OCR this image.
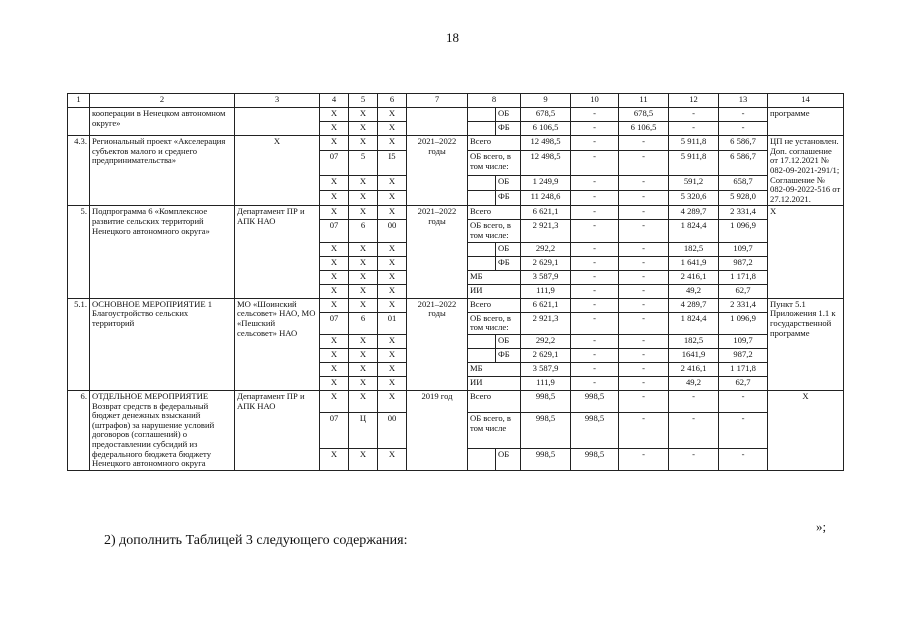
18
1	2	3	4	5	6	7	8		9	10	11	12	13	14
	кооперации в Ненецком автономном округе»		X	X	X			ОБ	678,5	-	678,5	-	-	программе
			X	X	X			ФБ	6 106,5	-	6 106,5	-	-	
4.3.	Региональный проект «Акселерация субъектов малого и среднего предпринимательства»	X	X	X	X	2021–2022 годы	Всего		12 498,5	-	-	5 911,8	6 586,7	ЦП не установлен. Доп. соглашение от 17.12.2021 № 082-09-2021-291/1; Соглашение № 082-09-2022-516 от 27.12.2021.
			07	5	I5		ОБ всего, в том числе:		12 498,5	-	-	5 911,8	6 586,7	
			X	X	X			ОБ	1 249,9	-	-	591,2	658,7	
			X	X	X			ФБ	11 248,6	-	-	5 320,6	5 928,0	
5.	Подпрограмма 6 «Комплексное развитие сельских территорий Ненецкого автономного округа»	Департамент ПР и АПК НАО	X	X	X	2021–2022 годы	Всего		6 621,1	-	-	4 289,7	2 331,4	X
			07	6	00		ОБ всего, в том числе:		2 921,3	-	-	1 824,4	1 096,9	
			X	X	X			ОБ	292,2	-	-	182,5	109,7	
			X	X	X			ФБ	2 629,1	-	-	1 641,9	987,2	
			X	X	X		МБ		3 587,9	-	-	2 416,1	1 171,8	
			X	X	X		ИИ		111,9	-	-	49,2	62,7	
5.1.	ОСНОВНОЕ МЕРОПРИЯТИЕ 1 Благоустройство сельских территорий	МО «Шоинский сельсовет» НАО, МО «Пешский сельсовет» НАО	X	X	X	2021–2022 годы	Всего		6 621,1	-	-	4 289,7	2 331,4	Пункт 5.1 Приложения 1.1 к государственной программе
			07	6	01		ОБ всего, в том числе:		2 921,3	-	-	1 824,4	1 096,9	
			X	X	X			ОБ	292,2	-	-	182,5	109,7	
			X	X	X			ФБ	2 629,1	-	-	1641,9	987,2	
			X	X	X		МБ		3 587,9	-	-	2 416,1	1 171,8	
			X	X	X		ИИ		111,9	-	-	49,2	62,7	
6.	ОТДЕЛЬНОЕ МЕРОПРИЯТИЕ Возврат средств в федеральный бюджет денежных взысканий (штрафов) за нарушение условий договоров (соглашений) о предоставлении субсидий из федерального бюджета бюджету Ненецкого автономного округа	Департамент ПР и АПК НАО	X	X	X	2019 год	Всего		998,5	998,5	-	-	-	X
			07	Ц	00		ОБ всего, в том числе		998,5	998,5	-	-	-	
			X	X	X			ОБ	998,5	998,5	-	-	-	
»;
2) дополнить Таблицей 3 следующего содержания:
